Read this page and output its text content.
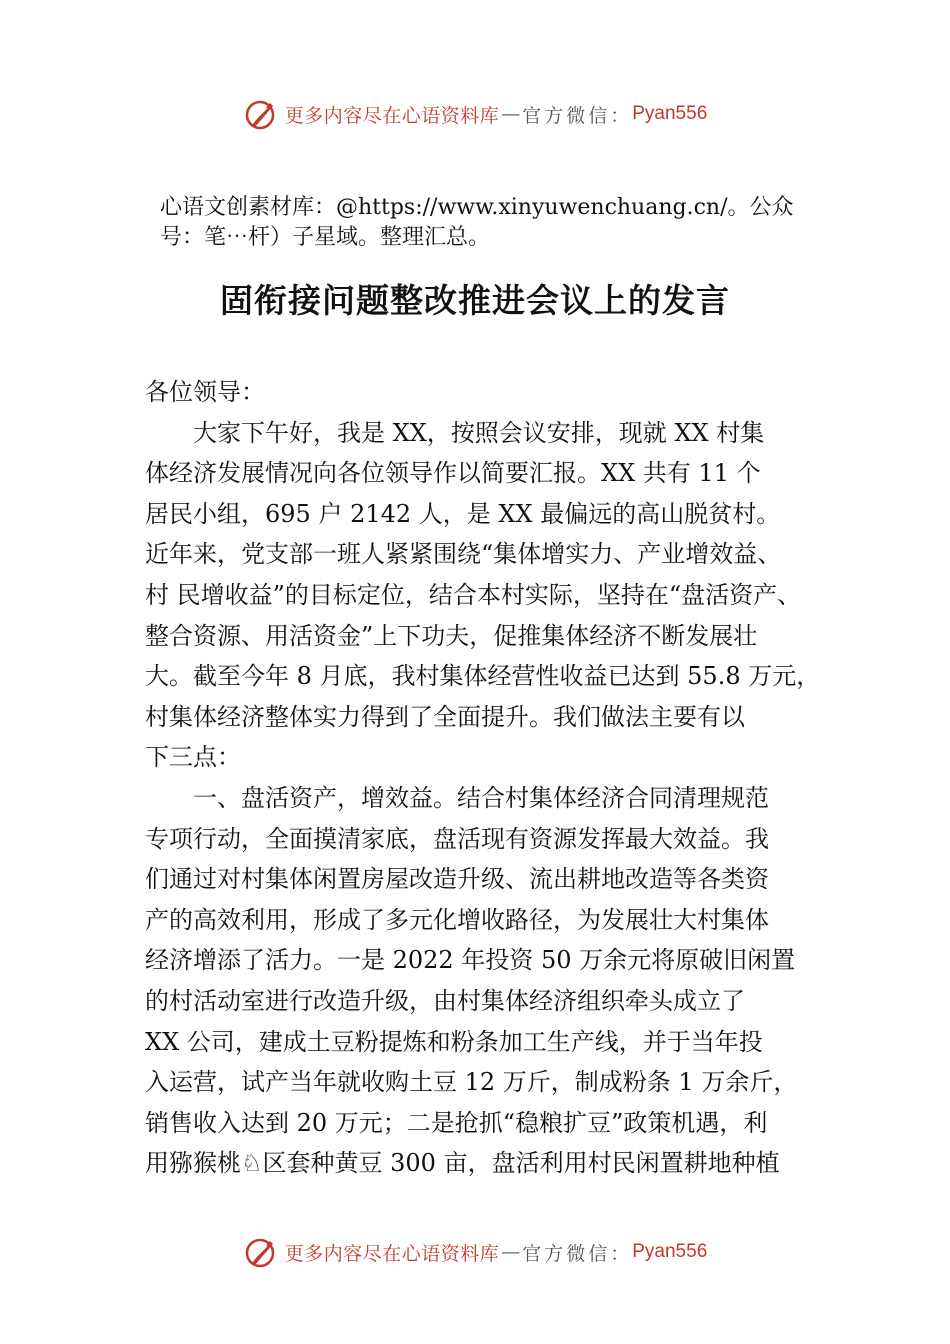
更多内容尽在心语资料库 — 官方微信： Pyan556
心语文创素材库：@https://www.xinyuwenchuang.cn/。公众
号：笔⋯杆）子星域。整理汇总。
固衔接问题整改推进会议上的发言
各位领导：
大家下午好，我是 XX，按照会议安排，现就 XX 村集
体经济发展情况向各位领导作以简要汇报。XX 共有 11 个
居民小组，695 户 2142 人，是 XX 最偏远的高山脱贫村。
近年来，党支部一班人紧紧围绕“集体增实力、产业增效益、
村 民增收益”的目标定位，结合本村实际，坚持在“盘活资产、
整合资源、用活资金”上下功夫，促推集体经济不断发展壮
大。截至今年 8 月底，我村集体经营性收益已达到 55.8 万元，
村集体经济整体实力得到了全面提升。我们做法主要有以
下三点：
一、盘活资产，增效益。结合村集体经济合同清理规范
专项行动，全面摸清家底，盘活现有资源发挥最大效益。我
们通过对村集体闲置房屋改造升级、流出耕地改造等各类资
产的高效利用，形成了多元化增收路径，为发展壮大村集体
经济增添了活力。一是 2022 年投资 50 万余元将原破旧闲置
的村活动室进行改造升级，由村集体经济组织牵头成立了
XX 公司，建成土豆粉提炼和粉条加工生产线，并于当年投
入运营，试产当年就收购土豆 12 万斤，制成粉条 1 万余斤，
销售收入达到 20 万元；二是抢抓“稳粮扩豆”政策机遇，利
用猕猴桃♘区套种黄豆 300 亩，盘活利用村民闲置耕地种植
更多内容尽在心语资料库 — 官方微信： Pyan556
